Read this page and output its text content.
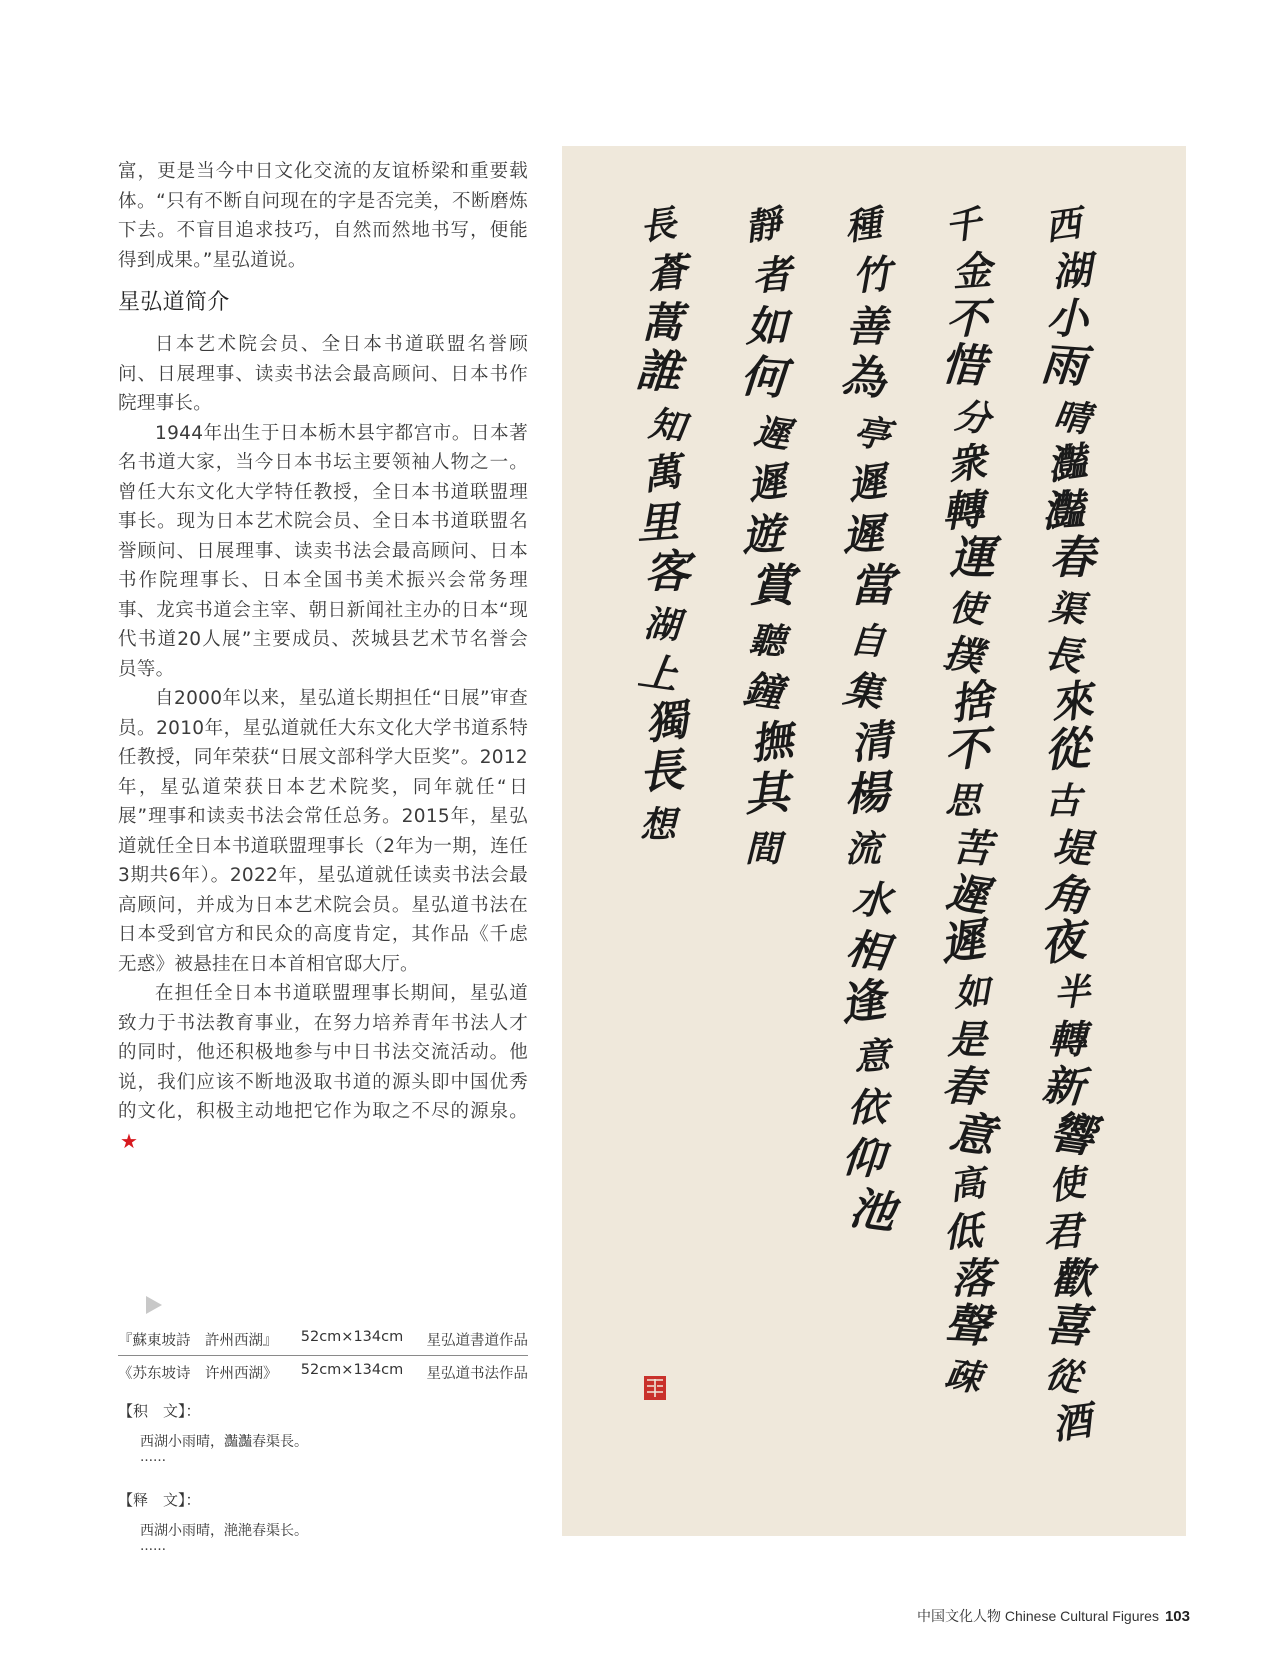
富，更是当今中日文化交流的友谊桥梁和重要载体。“只有不断自问现在的字是否完美，不断磨炼下去。不盲目追求技巧，自然而然地书写，便能得到成果。”星弘道说。

星弘道简介

日本艺术院会员、全日本书道联盟名誉顾问、日展理事、读卖书法会最高顾问、日本书作院理事长。

1944年出生于日本栃木县宇都宫市。日本著名书道大家，当今日本书坛主要领袖人物之一。曾任大东文化大学特任教授，全日本书道联盟理事长。现为日本艺术院会员、全日本书道联盟名誉顾问、日展理事、读卖书法会最高顾问、日本书作院理事长、日本全国书美术振兴会常务理事、龙宾书道会主宰、朝日新闻社主办的日本“现代书道20人展”主要成员、茨城县艺术节名誉会员等。

自2000年以来，星弘道长期担任“日展”审查员。2010年，星弘道就任大东文化大学书道系特任教授，同年荣获“日展文部科学大臣奖”。2012年，星弘道荣获日本艺术院奖，同年就任“日展”理事和读卖书法会常任总务。2015年，星弘道就任全日本书道联盟理事长（2年为一期，连任3期共6年）。2022年，星弘道就任读卖书法会最高顾问，并成为日本艺术院会员。星弘道书法在日本受到官方和民众的高度肯定，其作品《千虑无惑》被悬挂在日本首相官邸大厅。

在担任全日本书道联盟理事长期间，星弘道致力于书法教育事业，在努力培养青年书法人才的同时，他还积极地参与中日书法交流活动。他说，我们应该不断地汲取书道的源头即中国优秀的文化，积极主动地把它作为取之不尽的源泉。★

『蘇東坡詩　許州西湖』 52cm×134cm 星弘道書道作品
《苏东坡诗　许州西湖》 52cm×134cm 星弘道书法作品
【积　文】：
西湖小雨晴，灎灎春渠長。
……
【释　文】：
西湖小雨晴，滟滟春渠长。
……
西
湖
小
雨
晴
灎
灎
春
渠
長
來
從
古
堤
角
夜
半
轉
新
響
使
君
歡
喜
從
酒
千
金
不
惜
分
衆
轉
運
使
撲
捨
不
思
苦
遲
遲
如
是
春
意
高
低
落
聲
疎
種
竹
善
為
亭
遲
遲
當
自
集
清
楊
流
水
相
逢
意
依
仰
池
靜
者
如
何
遲
遲
遊
賞
聽
鐘
撫
其
間
長
蒼
蒿
誰
知
萬
里
客
湖
上
獨
長
想
中国文化人物 Chinese Cultural Figures 103
